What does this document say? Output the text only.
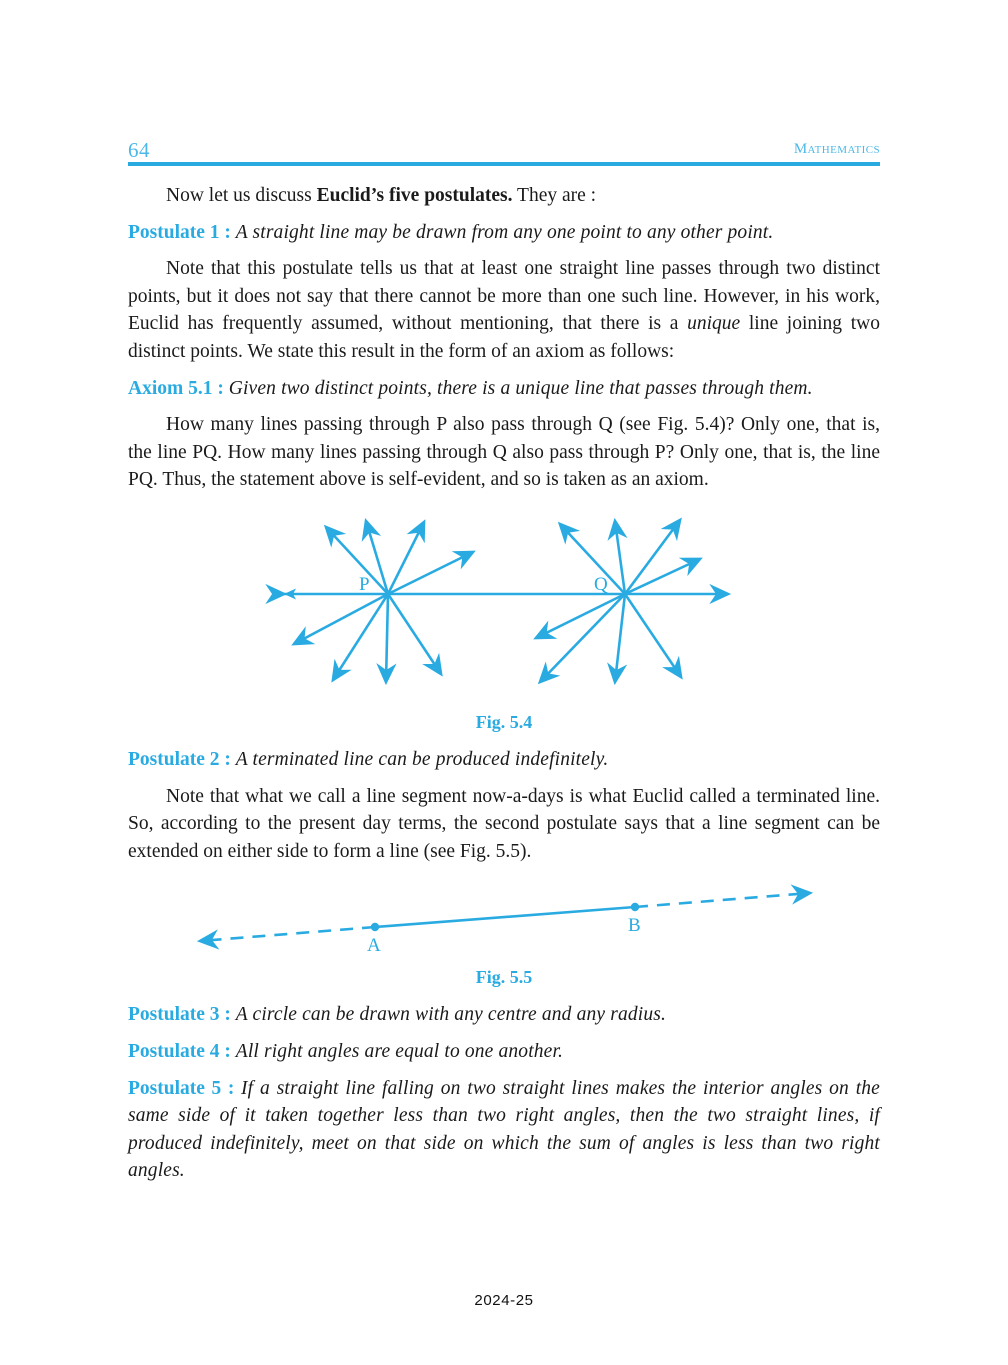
64	Mathematics

Now let us discuss Euclid’s five postulates. They are :

Postulate 1 : A straight line may be drawn from any one point to any other point.

Note that this postulate tells us that at least one straight line passes through two distinct points, but it does not say that there cannot be more than one such line. However, in his work, Euclid has frequently assumed, without mentioning, that there is a unique line joining two distinct points. We state this result in the form of an axiom as follows:

Axiom 5.1 : Given two distinct points, there is a unique line that passes through them.

How many lines passing through P also pass through Q (see Fig. 5.4)? Only one, that is, the line PQ. How many lines passing through Q also pass through P? Only one, that is, the line PQ. Thus, the statement above is self-evident, and so is taken as an axiom.

P	Q
Fig. 5.4

Postulate 2 : A terminated line can be produced indefinitely.

Note that what we call a line segment now-a-days is what Euclid called a terminated line. So, according to the present day terms, the second postulate says that a line segment can be extended on either side to form a line (see Fig. 5.5).

A
B
Fig. 5.5

Postulate 3 : A circle can be drawn with any centre and any radius.

Postulate 4 : All right angles are equal to one another.

Postulate 5 : If a straight line falling on two straight lines makes the interior angles on the same side of it taken together less than two right angles, then the two straight lines, if produced indefinitely, meet on that side on which the sum of angles is less than two right angles.

2024-25
